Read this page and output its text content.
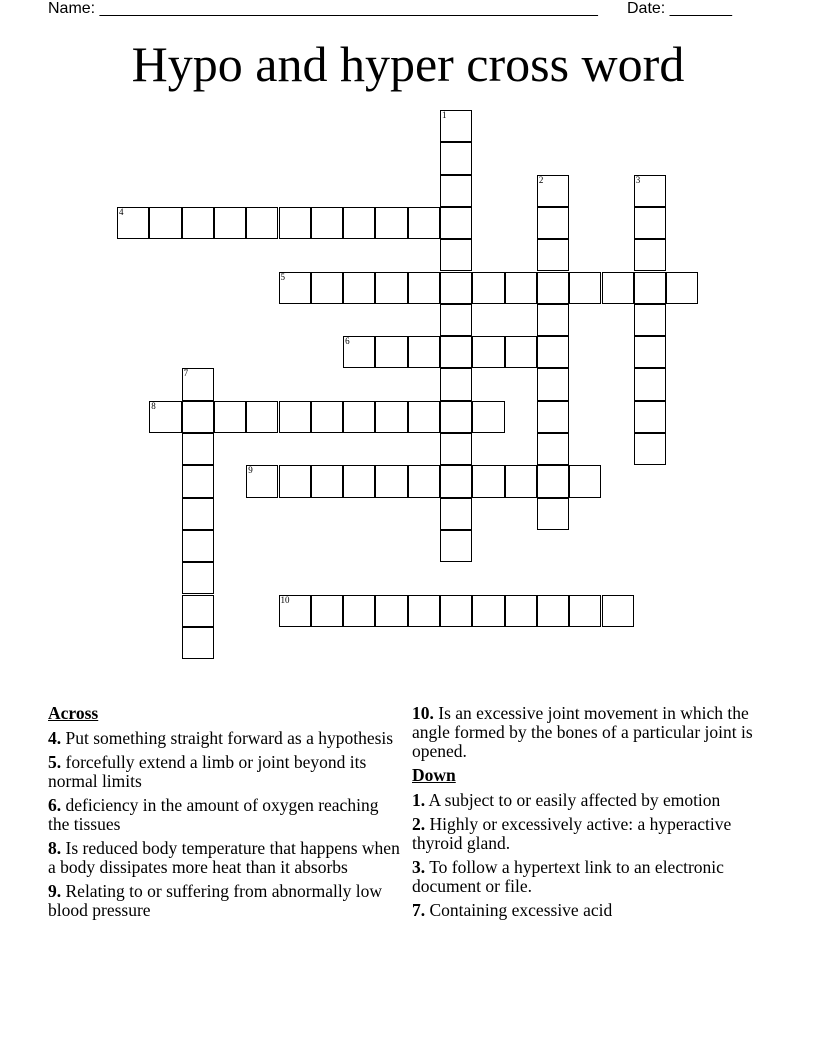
Name: ________________________________________________________ Date: _______
Hypo and hyper cross word
1
2	3
4
5
6
7
8
9
10
Across
4. Put something straight forward as a hypothesis
5. forcefully extend a limb or joint beyond its normal limits
6. deficiency in the amount of oxygen reaching the tissues
8. Is reduced body temperature that happens when a body dissipates more heat than it absorbs
9. Relating to or suffering from abnormally low blood pressure
10. Is an excessive joint movement in which the angle formed by the bones of a particular joint is opened.
Down
1. A subject to or easily affected by emotion
2. Highly or excessively active: a hyperactive thyroid gland.
3. To follow a hypertext link to an electronic document or file.
7. Containing excessive acid
